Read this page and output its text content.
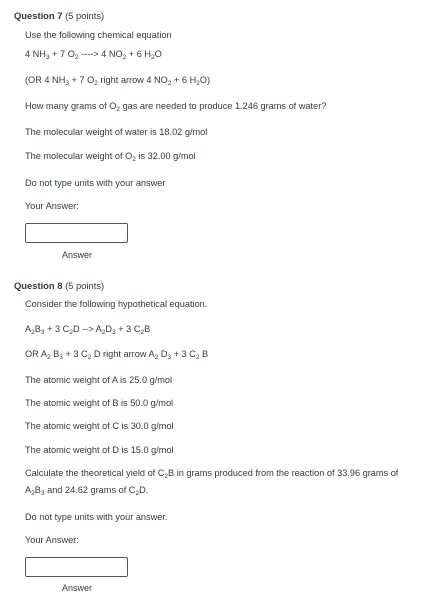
Question 7 (5 points)
Use the following chemical equation
4 $NH_3 + 7$ $O_2$ ----> 4 $NO_2 + 6$ $H_2O$
(OR 4 $NH_3 + 7$ $O_2$ right arrow 4 $NO_2 + 6$ $H_2O$)
How many grams of $O_2$ gas are needed to produce 1.246 grams of water?
The molecular weight of water is 18.02 g/mol
The molecular weight of $O_2$ is 32.00 g/mol
Do not type units with your answer
Your Answer:
Answer
Question 8 (5 points)
Consider the following hypothetical equation.
$A_2B_3 + 3$ $C_2D$ --> $A_2D_3 + 3$ $C_2B$
OR $A_2$ $B_3 + 3$ $C_2$ D right arrow $A_2$ $D_3 + 3$ $C_2$ B
The atomic weight of A is 25.0 g/mol
The atomic weight of B is 50.0 g/mol
The atomic weight of C is 30.0 g/mol
The atomic weight of D is 15.0 g/mol
Calculate the theoretical yield of $C_2B$ in grams produced from the reaction of 33.96 grams of $A_2B_3$ and 24.62 grams of $C_2D$.
Do not type units with your answer.
Your Answer:
Answer
